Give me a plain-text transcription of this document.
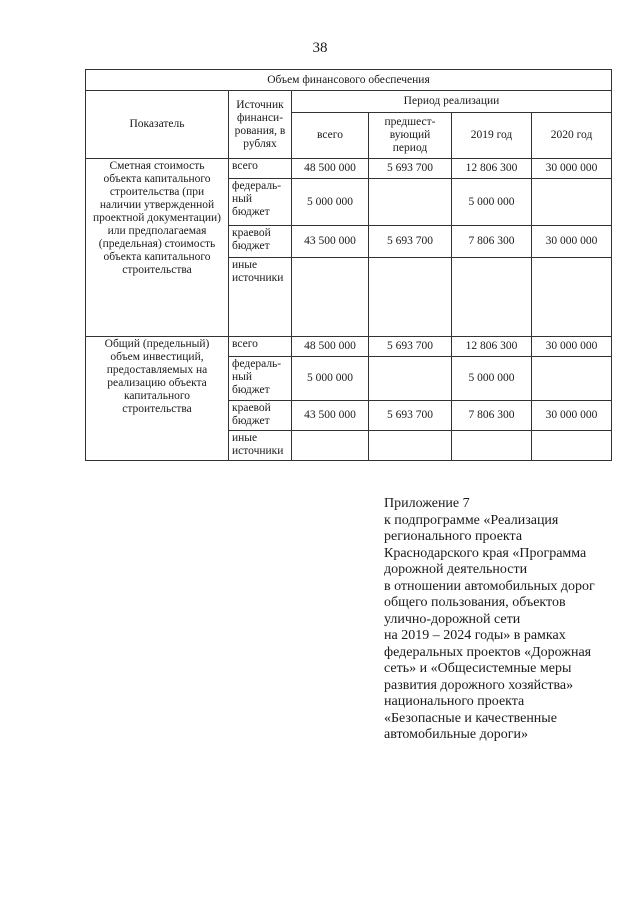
38
Объем финансового обеспечения					
Показатель	Источник финанси-рования, в рублях	Период реализации			
		всего	предшест-вующий период	2019 год	2020 год
Сметная стоимость объекта капитального строительства (при наличии утвержденной проектной документации) или предполагаемая (предельная) стоимость объекта капитального строительства	всего	48 500 000	5 693 700	12 806 300	30 000 000
	федераль-ный бюджет	5 000 000		5 000 000	
	краевой бюджет	43 500 000	5 693 700	7 806 300	30 000 000
	иные источники				
Общий (предельный) объем инвестиций, предоставляемых на реализацию объекта капитального строительства	всего	48 500 000	5 693 700	12 806 300	30 000 000
	федераль-ный бюджет	5 000 000		5 000 000	
	краевой бюджет	43 500 000	5 693 700	7 806 300	30 000 000
	иные источники				
Приложение 7
к подпрограмме «Реализация
регионального проекта
Краснодарского края «Программа
дорожной деятельности
в отношении автомобильных дорог
общего пользования, объектов
улично-дорожной сети
на 2019 – 2024 годы» в рамках
федеральных проектов «Дорожная
сеть» и «Общесистемные меры
развития дорожного хозяйства»
национального проекта
«Безопасные и качественные
автомобильные дороги»
